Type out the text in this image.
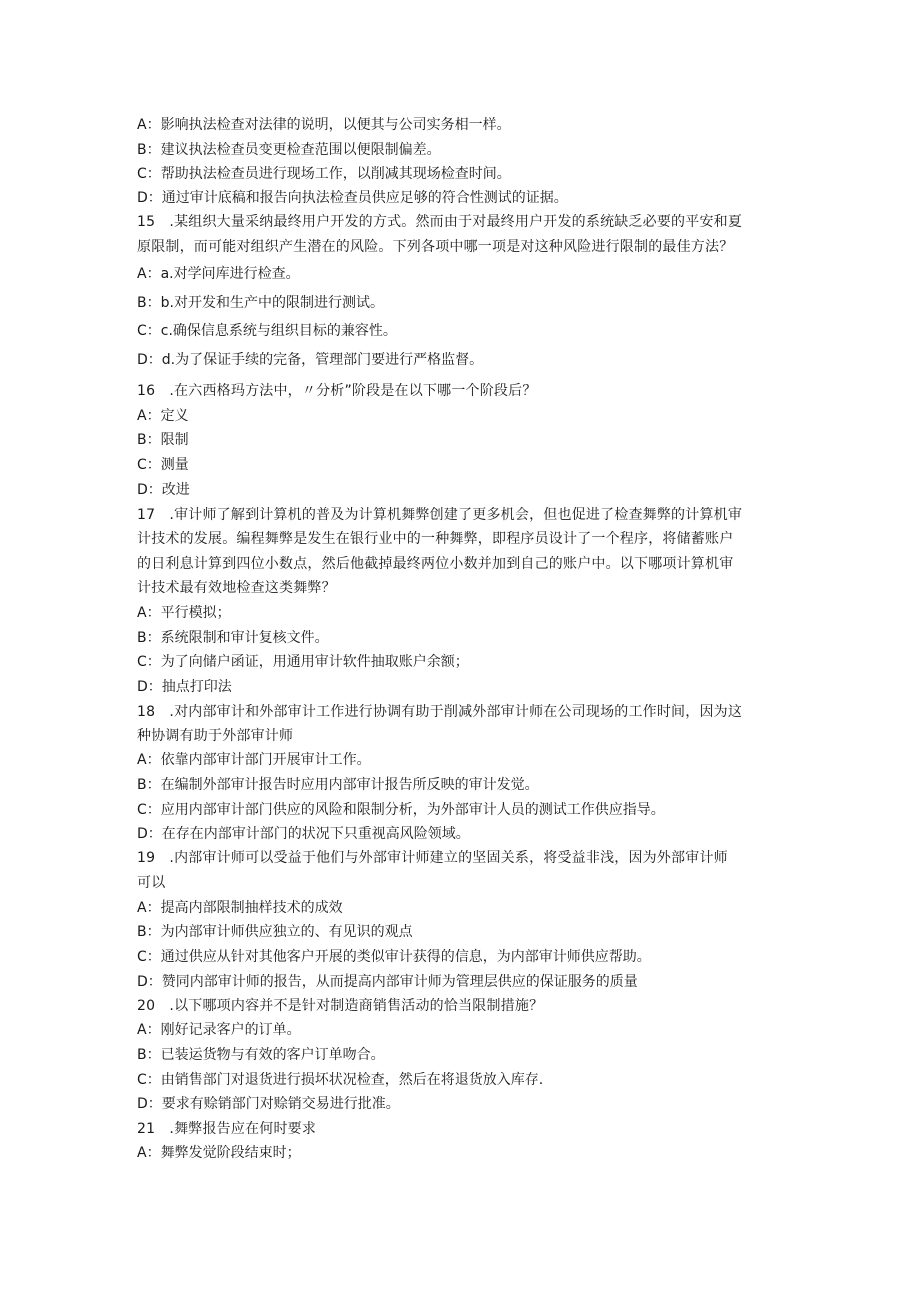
A：影响执法检查对法律的说明，以便其与公司实务相一样。
B：建议执法检查员变更检查范围以便限制偏差。
C：帮助执法检查员进行现场工作，以削减其现场检查时间。
D：通过审计底稿和报告向执法检查员供应足够的符合性测试的证据。
15　.某组织大量采纳最终用户开发的方式。然而由于对最终用户开发的系统缺乏必要的平安和夏
原限制，而可能对组织产生潜在的风险。下列各项中哪一项是对这种风险进行限制的最佳方法？
A：a.对学问库进行检查。
B：b.对开发和生产中的限制进行测试。
C：c.确保信息系统与组织目标的兼容性。
D：d.为了保证手续的完备，管理部门要进行严格监督。
16　.在六西格玛方法中，〃分析”阶段是在以下哪一个阶段后？
A：定义
B：限制
C：测量
D：改进
17　.审计师了解到计算机的普及为计算机舞弊创建了更多机会，但也促进了检查舞弊的计算机审
计技术的发展。编程舞弊是发生在银行业中的一种舞弊，即程序员设计了一个程序，将储蓄账户
的日利息计算到四位小数点，然后他截掉最终两位小数并加到自己的账户中。以下哪项计算机审
计技术最有效地检查这类舞弊？
A：平行模拟；
B：系统限制和审计复核文件。
C：为了向储户函证，用通用审计软件抽取账户余额；
D：抽点打印法
18　.对内部审计和外部审计工作进行协调有助于削减外部审计师在公司现场的工作时间，因为这
种协调有助于外部审计师
A：依靠内部审计部门开展审计工作。
B：在编制外部审计报告时应用内部审计报告所反映的审计发觉。
C：应用内部审计部门供应的风险和限制分析，为外部审计人员的测试工作供应指导。
D：在存在内部审计部门的状况下只重视高风险领域。
19　.内部审计师可以受益于他们与外部审计师建立的坚固关系，将受益非浅，因为外部审计师
可以
A：提高内部限制抽样技术的成效
B：为内部审计师供应独立的、有见识的观点
C：通过供应从针对其他客户开展的类似审计获得的信息，为内部审计师供应帮助。
D：赞同内部审计师的报告，从而提高内部审计师为管理层供应的保证服务的质量
20　.以下哪项内容并不是针对制造商销售活动的恰当限制措施？
A：刚好记录客户的订单。
B：已装运货物与有效的客户订单吻合。
C：由销售部门对退货进行损坏状况检查，然后在将退货放入库存.
D：要求有赊销部门对赊销交易进行批准。
21　.舞弊报告应在何时要求
A：舞弊发觉阶段结束时；
